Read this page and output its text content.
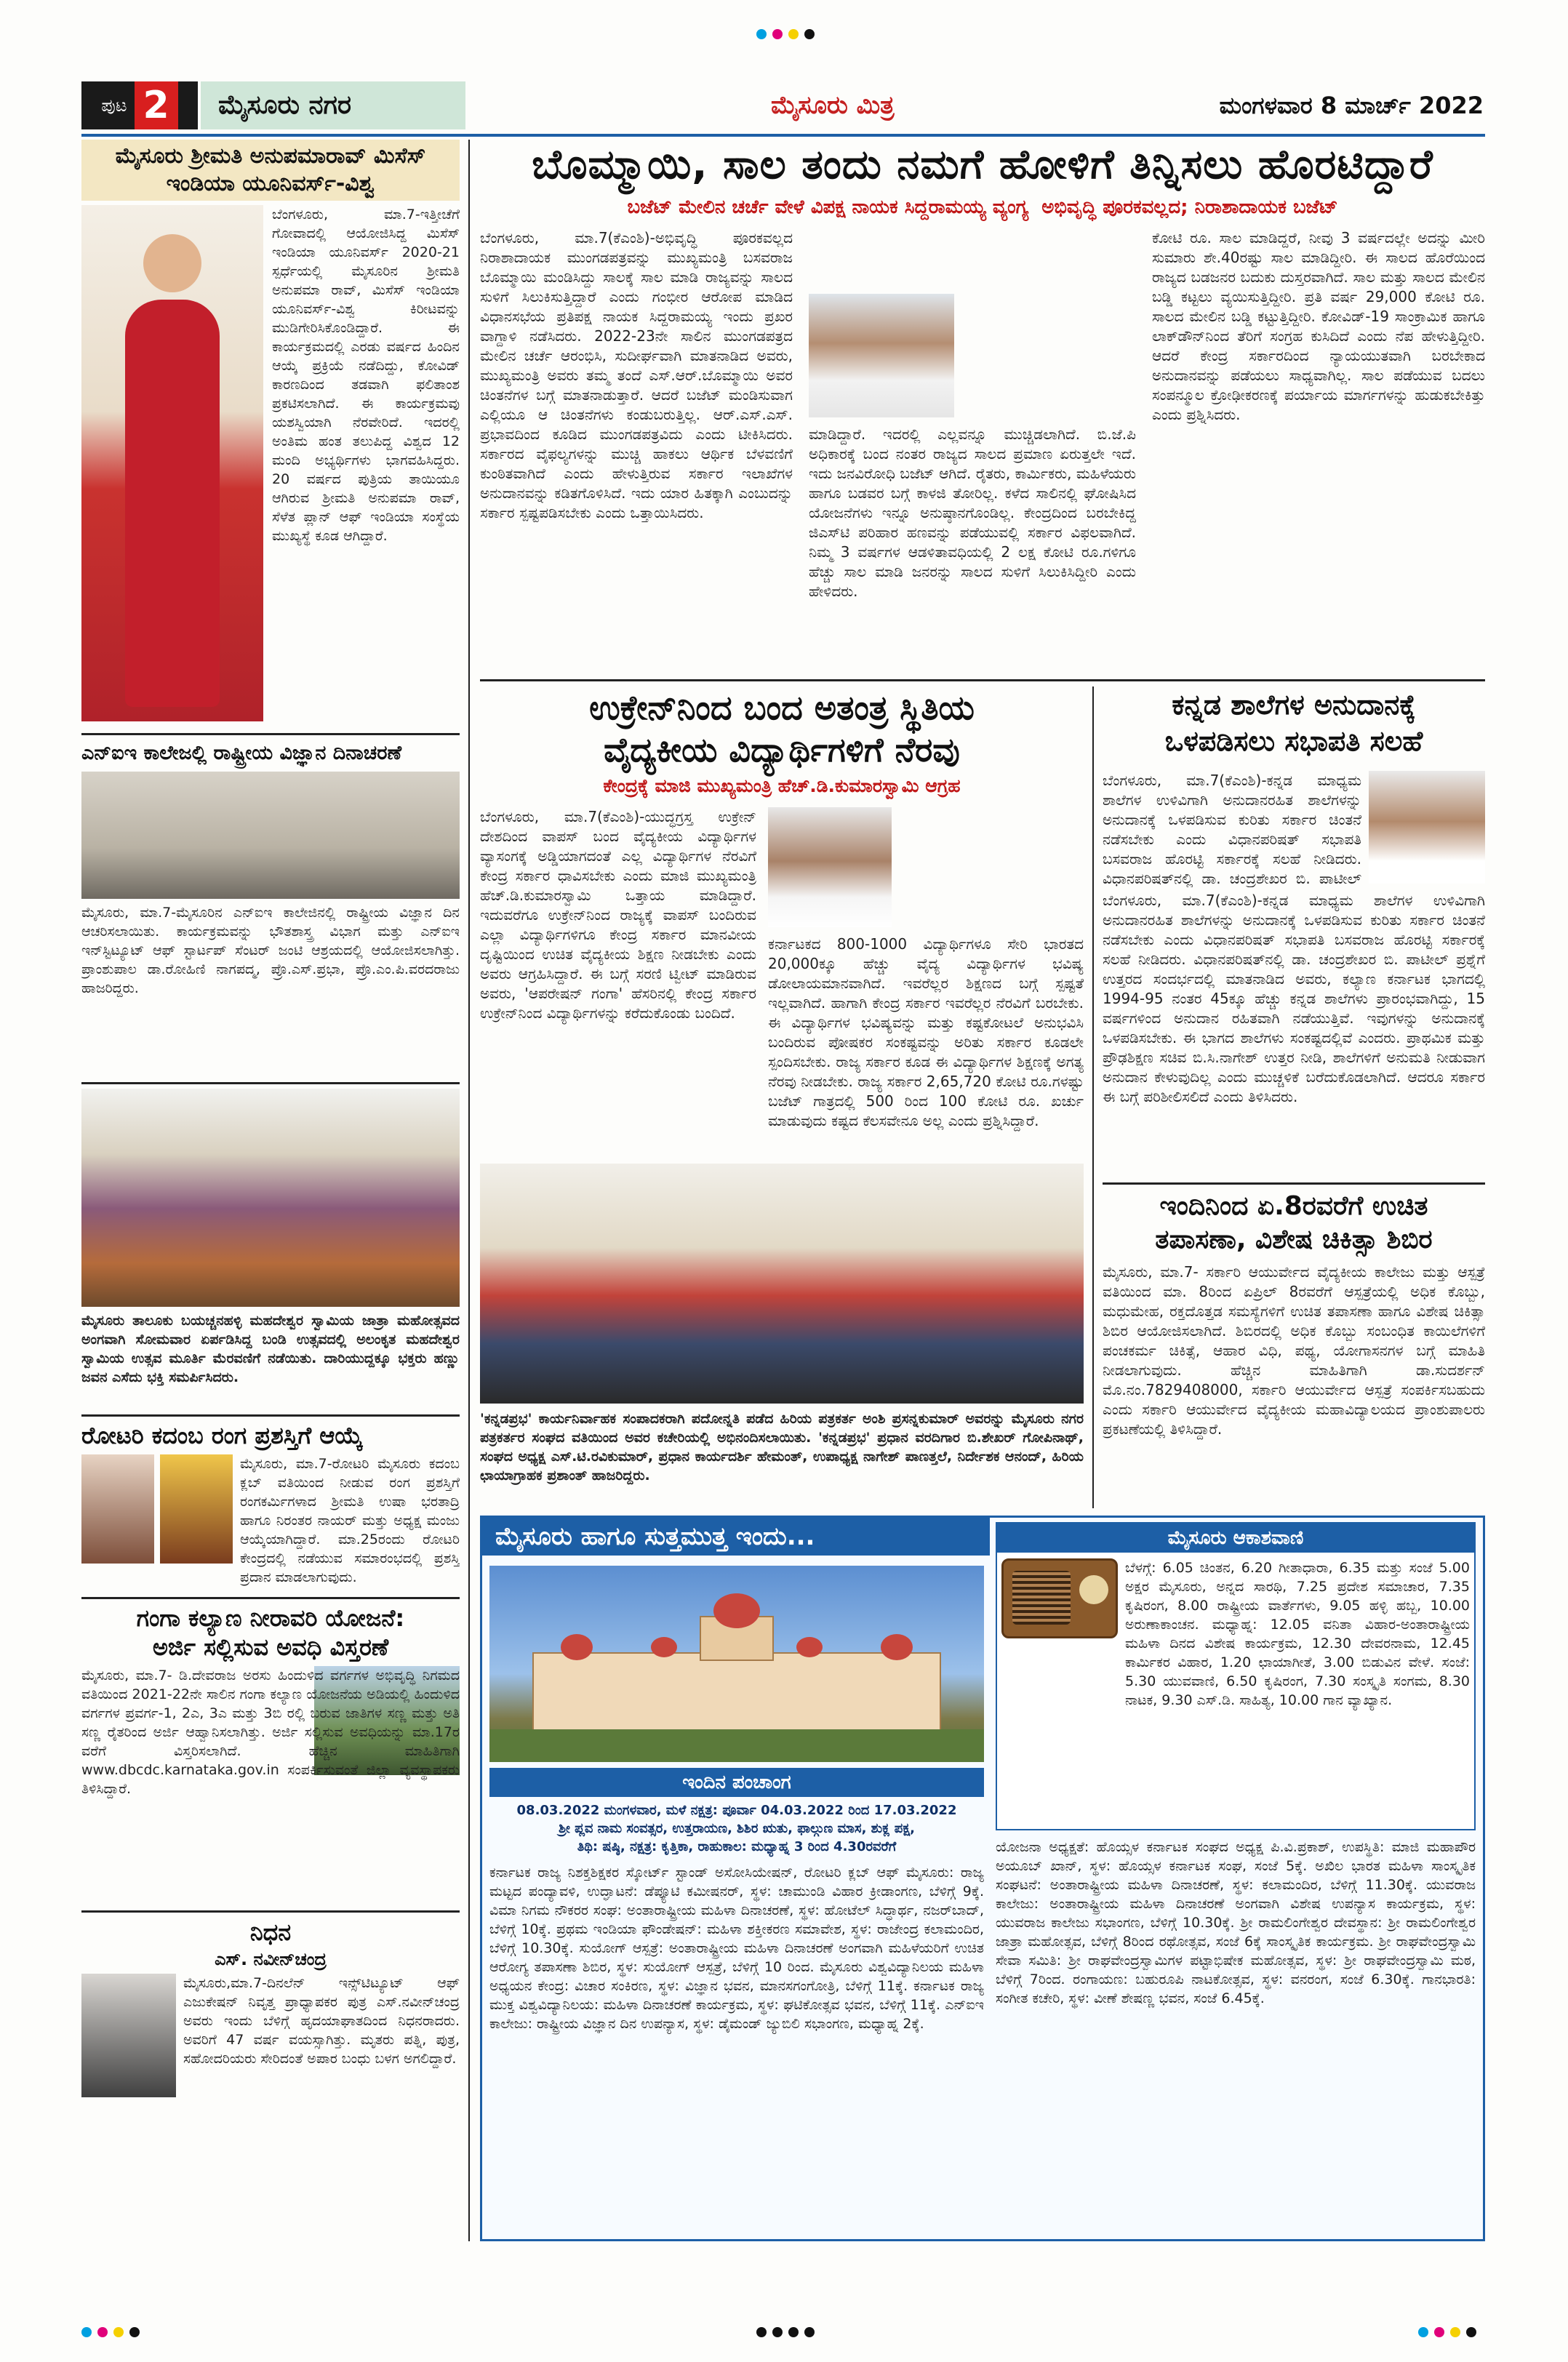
ಪುಟ 2	ಮೈಸೂರು ನಗರ	ಮೈಸೂರು ಮಿತ್ರ	ಮಂಗಳವಾರ 8 ಮಾರ್ಚ್ 2022
ಮೈಸೂರು ಶ್ರೀಮತಿ ಅನುಪಮಾರಾವ್ ಮಿಸೆಸ್ ಇಂಡಿಯಾ ಯೂನಿವರ್ಸ್-ವಿಶ್ವ
ಬೆಂಗಳೂರು, ಮಾ.7-ಇತ್ತೀಚೆಗೆ ಗೋವಾದಲ್ಲಿ ಆಯೋಜಿಸಿದ್ದ ಮಿಸೆಸ್ ಇಂಡಿಯಾ ಯೂನಿವರ್ಸ್ 2020-21 ಸ್ಪರ್ಧೆಯಲ್ಲಿ ಮೈಸೂರಿನ ಶ್ರೀಮತಿ ಅನುಪಮಾ ರಾವ್, ಮಿಸೆಸ್ ಇಂಡಿಯಾ ಯೂನಿವರ್ಸ್-ವಿಶ್ವ ಕಿರೀಟವನ್ನು ಮುಡಿಗೇರಿಸಿಕೊಂಡಿದ್ದಾರೆ. ಈ ಕಾರ್ಯಕ್ರಮದಲ್ಲಿ ಎರಡು ವರ್ಷದ ಹಿಂದಿನ ಆಯ್ಕೆ ಪ್ರಕ್ರಿಯೆ ನಡೆದಿದ್ದು, ಕೋವಿಡ್ ಕಾರಣದಿಂದ ತಡವಾಗಿ ಫಲಿತಾಂಶ ಪ್ರಕಟಿಸಲಾಗಿದೆ. ಈ ಕಾರ್ಯಕ್ರಮವು ಯಶಸ್ವಿಯಾಗಿ ನೆರವೇರಿದೆ. ಇದರಲ್ಲಿ ಅಂತಿಮ ಹಂತ ತಲುಪಿದ್ದ ವಿಶ್ವದ 12 ಮಂದಿ ಅಭ್ಯರ್ಥಿಗಳು ಭಾಗವಹಿಸಿದ್ದರು. 20 ವರ್ಷದ ಪುತ್ರಿಯ ತಾಯಿಯೂ ಆಗಿರುವ ಶ್ರೀಮತಿ ಅನುಪಮಾ ರಾವ್, ಸೆಳೆತ ಪ್ಲಾನ್ ಆಫ್ ಇಂಡಿಯಾ ಸಂಸ್ಥೆಯ ಮುಖ್ಯಸ್ಥೆ ಕೂಡ ಆಗಿದ್ದಾರೆ.
ಎನ್‌ಐಇ ಕಾಲೇಜಲ್ಲಿ ರಾಷ್ಟ್ರೀಯ ವಿಜ್ಞಾನ ದಿನಾಚರಣೆ
ಮೈಸೂರು, ಮಾ.7-ಮೈಸೂರಿನ ಎನ್‌ಐಇ ಕಾಲೇಜಿನಲ್ಲಿ ರಾಷ್ಟ್ರೀಯ ವಿಜ್ಞಾನ ದಿನ ಆಚರಿಸಲಾಯಿತು. ಕಾರ್ಯಕ್ರಮವನ್ನು ಭೌತಶಾಸ್ತ್ರ ವಿಭಾಗ ಮತ್ತು ಎನ್‌ಐಇ ಇನ್‌ಸ್ಟಿಟ್ಯೂಟ್ ಆಫ್ ಸ್ಟಾರ್ಟಪ್ ಸೆಂಟರ್ ಜಂಟಿ ಆಶ್ರಯದಲ್ಲಿ ಆಯೋಜಿಸಲಾಗಿತ್ತು. ಪ್ರಾಂಶುಪಾಲ ಡಾ.ರೋಹಿಣಿ ನಾಗಪದ್ಮ, ಪ್ರೊ.ಎಸ್.ಪ್ರಭಾ, ಪ್ರೊ.ಎಂ.ಪಿ.ವರದರಾಜು ಹಾಜರಿದ್ದರು.
ಮೈಸೂರು ತಾಲೂಕು ಬಯಚ್ಚನಹಳ್ಳಿ ಮಹದೇಶ್ವರ ಸ್ವಾಮಿಯ ಜಾತ್ರಾ ಮಹೋತ್ಸವದ ಅಂಗವಾಗಿ ಸೋಮವಾರ ಏರ್ಪಡಿಸಿದ್ದ ಬಂಡಿ ಉತ್ಸವದಲ್ಲಿ ಅಲಂಕೃತ ಮಹದೇಶ್ವರ ಸ್ವಾಮಿಯ ಉತ್ಸವ ಮೂರ್ತಿ ಮೆರವಣಿಗೆ ನಡೆಯಿತು. ದಾರಿಯುದ್ದಕ್ಕೂ ಭಕ್ತರು ಹಣ್ಣು ಜವನ ಎಸೆದು ಭಕ್ತಿ ಸಮರ್ಪಿಸಿದರು.
ರೋಟರಿ ಕದಂಬ ರಂಗ ಪ್ರಶಸ್ತಿಗೆ ಆಯ್ಕೆ
ಮೈಸೂರು, ಮಾ.7-ರೋಟರಿ ಮೈಸೂರು ಕದಂಬ ಕ್ಲಬ್ ವತಿಯಿಂದ ನೀಡುವ ರಂಗ ಪ್ರಶಸ್ತಿಗೆ ರಂಗಕರ್ಮಿಗಳಾದ ಶ್ರೀಮತಿ ಉಷಾ ಭರತಾದ್ರಿ ಹಾಗೂ ನಿರಂತರ ನಾಯರ್ ಮತ್ತು ಅಧ್ಯಕ್ಷ ಮಂಜು ಆಯ್ಕೆಯಾಗಿದ್ದಾರೆ. ಮಾ.25ರಂದು ರೋಟರಿ ಕೇಂದ್ರದಲ್ಲಿ ನಡೆಯುವ ಸಮಾರಂಭದಲ್ಲಿ ಪ್ರಶಸ್ತಿ ಪ್ರದಾನ ಮಾಡಲಾಗುವುದು.
ಗಂಗಾ ಕಲ್ಯಾಣ ನೀರಾವರಿ ಯೋಜನೆ:
ಅರ್ಜಿ ಸಲ್ಲಿಸುವ ಅವಧಿ ವಿಸ್ತರಣೆ
ಮೈಸೂರು, ಮಾ.7- ಡಿ.ದೇವರಾಜ ಅರಸು ಹಿಂದುಳಿದ ವರ್ಗಗಳ ಅಭಿವೃದ್ಧಿ ನಿಗಮದ ವತಿಯಿಂದ 2021-22ನೇ ಸಾಲಿನ ಗಂಗಾ ಕಲ್ಯಾಣ ಯೋಜನೆಯ ಅಡಿಯಲ್ಲಿ ಹಿಂದುಳಿದ ವರ್ಗಗಳ ಪ್ರವರ್ಗ-1, 2ಎ, 3ಎ ಮತ್ತು 3ಬಿ ರಲ್ಲಿ ಬರುವ ಜಾತಿಗಳ ಸಣ್ಣ ಮತ್ತು ಅತಿ ಸಣ್ಣ ರೈತರಿಂದ ಅರ್ಜಿ ಆಹ್ವಾನಿಸಲಾಗಿತ್ತು. ಅರ್ಜಿ ಸಲ್ಲಿಸುವ ಅವಧಿಯನ್ನು ಮಾ.17ರ ವರೆಗೆ ವಿಸ್ತರಿಸಲಾಗಿದೆ. ಹೆಚ್ಚಿನ ಮಾಹಿತಿಗಾಗಿ www.dbcdc.karnataka.gov.in ಸಂಪರ್ಕಿಸುವಂತೆ ಜಿಲ್ಲಾ ವ್ಯವಸ್ಥಾಪಕರು ತಿಳಿಸಿದ್ದಾರೆ.
ನಿಧನ
ಎಸ್. ನವೀನ್‌ಚಂದ್ರ
ಮೈಸೂರು,ಮಾ.7-ದಿನಲೆನ್ ಇನ್ಸ್‌ಟಿಟ್ಯೂಟ್ ಆಫ್ ಎಜುಕೇಷನ್ ನಿವೃತ್ತ ಪ್ರಾಧ್ಯಾಪಕರ ಪುತ್ರ ಎಸ್.ನವೀನ್‌ಚಂದ್ರ ಅವರು ಇಂದು ಬೆಳಿಗ್ಗೆ ಹೃದಯಾಘಾತದಿಂದ ನಿಧನರಾದರು. ಅವರಿಗೆ 47 ವರ್ಷ ವಯಸ್ಸಾಗಿತ್ತು. ಮೃತರು ಪತ್ನಿ, ಪುತ್ರ, ಸಹೋದರಿಯರು ಸೇರಿದಂತೆ ಅಪಾರ ಬಂಧು ಬಳಗ ಅಗಲಿದ್ದಾರೆ.
ಬೊಮ್ಮಾಯಿ, ಸಾಲ ತಂದು ನಮಗೆ ಹೋಳಿಗೆ ತಿನ್ನಿಸಲು ಹೊರಟಿದ್ದಾರೆ
ಬಜೆಟ್ ಮೇಲಿನ ಚರ್ಚೆ ವೇಳೆ ವಿಪಕ್ಷ ನಾಯಕ ಸಿದ್ದರಾಮಯ್ಯ ವ್ಯಂಗ್ಯ ಅಭಿವೃದ್ಧಿ ಪೂರಕವಲ್ಲದ; ನಿರಾಶಾದಾಯಕ ಬಜೆಟ್
ಬೆಂಗಳೂರು, ಮಾ.7(ಕೆಎಂಶಿ)-ಅಭಿವೃದ್ಧಿ ಪೂರಕವಲ್ಲದ ನಿರಾಶಾದಾಯಕ ಮುಂಗಡಪತ್ರವನ್ನು ಮುಖ್ಯಮಂತ್ರಿ ಬಸವರಾಜ ಬೊಮ್ಮಾಯಿ ಮಂಡಿಸಿದ್ದು ಸಾಲಕ್ಕೆ ಸಾಲ ಮಾಡಿ ರಾಜ್ಯವನ್ನು ಸಾಲದ ಸುಳಿಗೆ ಸಿಲುಕಿಸುತ್ತಿದ್ದಾರೆ ಎಂದು ಗಂಭೀರ ಆರೋಪ ಮಾಡಿದ ವಿಧಾನಸಭೆಯ ಪ್ರತಿಪಕ್ಷ ನಾಯಕ ಸಿದ್ದರಾಮಯ್ಯ ಇಂದು ಪ್ರಖರ ವಾಗ್ದಾಳಿ ನಡೆಸಿದರು. 2022-23ನೇ ಸಾಲಿನ ಮುಂಗಡಪತ್ರದ ಮೇಲಿನ ಚರ್ಚೆ ಆರಂಭಿಸಿ, ಸುದೀರ್ಘವಾಗಿ ಮಾತನಾಡಿದ ಅವರು, ಮುಖ್ಯಮಂತ್ರಿ ಅವರು ತಮ್ಮ ತಂದೆ ಎಸ್.ಆರ್.ಬೊಮ್ಮಾಯಿ ಅವರ ಚಿಂತನೆಗಳ ಬಗ್ಗೆ ಮಾತನಾಡುತ್ತಾರೆ. ಆದರೆ ಬಜೆಟ್ ಮಂಡಿಸುವಾಗ ಎಲ್ಲಿಯೂ ಆ ಚಿಂತನೆಗಳು ಕಂಡುಬರುತ್ತಿಲ್ಲ. ಆರ್.ಎಸ್.ಎಸ್. ಪ್ರಭಾವದಿಂದ ಕೂಡಿದ ಮುಂಗಡಪತ್ರವಿದು ಎಂದು ಟೀಕಿಸಿದರು. ಸರ್ಕಾರದ ವೈಫಲ್ಯಗಳನ್ನು ಮುಚ್ಚಿ ಹಾಕಲು ಆರ್ಥಿಕ ಬೆಳವಣಿಗೆ ಕುಂಠಿತವಾಗಿದೆ ಎಂದು ಹೇಳುತ್ತಿರುವ ಸರ್ಕಾರ ಇಲಾಖೆಗಳ ಅನುದಾನವನ್ನು ಕಡಿತಗೊಳಿಸಿದೆ. ಇದು ಯಾರ ಹಿತಕ್ಕಾಗಿ ಎಂಬುದನ್ನು ಸರ್ಕಾರ ಸ್ಪಷ್ಟಪಡಿಸಬೇಕು ಎಂದು ಒತ್ತಾಯಿಸಿದರು.
ಮಾಡಿದ್ದಾರೆ. ಇದರಲ್ಲಿ ಎಲ್ಲವನ್ನೂ ಮುಚ್ಚಿಡಲಾಗಿದೆ. ಬಿ.ಜೆ.ಪಿ ಅಧಿಕಾರಕ್ಕೆ ಬಂದ ನಂತರ ರಾಜ್ಯದ ಸಾಲದ ಪ್ರಮಾಣ ಏರುತ್ತಲೇ ಇದೆ. ಇದು ಜನವಿರೋಧಿ ಬಜೆಟ್ ಆಗಿದೆ. ರೈತರು, ಕಾರ್ಮಿಕರು, ಮಹಿಳೆಯರು ಹಾಗೂ ಬಡವರ ಬಗ್ಗೆ ಕಾಳಜಿ ತೋರಿಲ್ಲ. ಕಳೆದ ಸಾಲಿನಲ್ಲಿ ಘೋಷಿಸಿದ ಯೋಜನೆಗಳು ಇನ್ನೂ ಅನುಷ್ಠಾನಗೊಂಡಿಲ್ಲ. ಕೇಂದ್ರದಿಂದ ಬರಬೇಕಿದ್ದ ಜಿಎಸ್‌ಟಿ ಪರಿಹಾರ ಹಣವನ್ನು ಪಡೆಯುವಲ್ಲಿ ಸರ್ಕಾರ ವಿಫಲವಾಗಿದೆ. ನಿಮ್ಮ 3 ವರ್ಷಗಳ ಆಡಳಿತಾವಧಿಯಲ್ಲಿ 2 ಲಕ್ಷ ಕೋಟಿ ರೂ.ಗಳಿಗೂ ಹೆಚ್ಚು ಸಾಲ ಮಾಡಿ ಜನರನ್ನು ಸಾಲದ ಸುಳಿಗೆ ಸಿಲುಕಿಸಿದ್ದೀರಿ ಎಂದು ಹೇಳಿದರು.
ಕೋಟಿ ರೂ. ಸಾಲ ಮಾಡಿದ್ದರೆ, ನೀವು 3 ವರ್ಷದಲ್ಲೇ ಅದನ್ನು ಮೀರಿ ಸುಮಾರು ಶೇ.40ರಷ್ಟು ಸಾಲ ಮಾಡಿದ್ದೀರಿ. ಈ ಸಾಲದ ಹೊರೆಯಿಂದ ರಾಜ್ಯದ ಬಡಜನರ ಬದುಕು ದುಸ್ತರವಾಗಿದೆ. ಸಾಲ ಮತ್ತು ಸಾಲದ ಮೇಲಿನ ಬಡ್ಡಿ ಕಟ್ಟಲು ವ್ಯಯಿಸುತ್ತಿದ್ದೀರಿ. ಪ್ರತಿ ವರ್ಷ 29,000 ಕೋಟಿ ರೂ. ಸಾಲದ ಮೇಲಿನ ಬಡ್ಡಿ ಕಟ್ಟುತ್ತಿದ್ದೀರಿ. ಕೋವಿಡ್-19 ಸಾಂಕ್ರಾಮಿಕ ಹಾಗೂ ಲಾಕ್‌ಡೌನ್‌ನಿಂದ ತೆರಿಗೆ ಸಂಗ್ರಹ ಕುಸಿದಿದೆ ಎಂದು ನೆಪ ಹೇಳುತ್ತಿದ್ದೀರಿ. ಆದರೆ ಕೇಂದ್ರ ಸರ್ಕಾರದಿಂದ ನ್ಯಾಯಯುತವಾಗಿ ಬರಬೇಕಾದ ಅನುದಾನವನ್ನು ಪಡೆಯಲು ಸಾಧ್ಯವಾಗಿಲ್ಲ. ಸಾಲ ಪಡೆಯುವ ಬದಲು ಸಂಪನ್ಮೂಲ ಕ್ರೋಢೀಕರಣಕ್ಕೆ ಪರ್ಯಾಯ ಮಾರ್ಗಗಳನ್ನು ಹುಡುಕಬೇಕಿತ್ತು ಎಂದು ಪ್ರಶ್ನಿಸಿದರು.
ಉಕ್ರೇನ್‌ನಿಂದ ಬಂದ ಅತಂತ್ರ ಸ್ಥಿತಿಯ
ವೈದ್ಯಕೀಯ ವಿದ್ಯಾರ್ಥಿಗಳಿಗೆ ನೆರವು
ಕೇಂದ್ರಕ್ಕೆ ಮಾಜಿ ಮುಖ್ಯಮಂತ್ರಿ ಹೆಚ್.ಡಿ.ಕುಮಾರಸ್ವಾಮಿ ಆಗ್ರಹ
ಬೆಂಗಳೂರು, ಮಾ.7(ಕೆಎಂಶಿ)-ಯುದ್ಧಗ್ರಸ್ತ ಉಕ್ರೇನ್ ದೇಶದಿಂದ ವಾಪಸ್ ಬಂದ ವೈದ್ಯಕೀಯ ವಿದ್ಯಾರ್ಥಿಗಳ ವ್ಯಾಸಂಗಕ್ಕೆ ಅಡ್ಡಿಯಾಗದಂತೆ ಎಲ್ಲ ವಿದ್ಯಾರ್ಥಿಗಳ ನೆರವಿಗೆ ಕೇಂದ್ರ ಸರ್ಕಾರ ಧಾವಿಸಬೇಕು ಎಂದು ಮಾಜಿ ಮುಖ್ಯಮಂತ್ರಿ ಹೆಚ್.ಡಿ.ಕುಮಾರಸ್ವಾಮಿ ಒತ್ತಾಯ ಮಾಡಿದ್ದಾರೆ. ಇದುವರೆಗೂ ಉಕ್ರೇನ್‌ನಿಂದ ರಾಜ್ಯಕ್ಕೆ ವಾಪಸ್ ಬಂದಿರುವ ಎಲ್ಲಾ ವಿದ್ಯಾರ್ಥಿಗಳಿಗೂ ಕೇಂದ್ರ ಸರ್ಕಾರ ಮಾನವೀಯ ದೃಷ್ಟಿಯಿಂದ ಉಚಿತ ವೈದ್ಯಕೀಯ ಶಿಕ್ಷಣ ನೀಡಬೇಕು ಎಂದು ಅವರು ಆಗ್ರಹಿಸಿದ್ದಾರೆ. ಈ ಬಗ್ಗೆ ಸರಣಿ ಟ್ವೀಟ್ ಮಾಡಿರುವ ಅವರು, 'ಆಪರೇಷನ್ ಗಂಗಾ' ಹೆಸರಿನಲ್ಲಿ ಕೇಂದ್ರ ಸರ್ಕಾರ ಉಕ್ರೇನ್‌ನಿಂದ ವಿದ್ಯಾರ್ಥಿಗಳನ್ನು ಕರೆದುಕೊಂಡು ಬಂದಿದೆ.
ಕರ್ನಾಟಕದ 800-1000 ವಿದ್ಯಾರ್ಥಿಗಳೂ ಸೇರಿ ಭಾರತದ 20,000ಕ್ಕೂ ಹೆಚ್ಚು ವೈದ್ಯ ವಿದ್ಯಾರ್ಥಿಗಳ ಭವಿಷ್ಯ ಡೋಲಾಯಮಾನವಾಗಿದೆ. ಇವರೆಲ್ಲರ ಶಿಕ್ಷಣದ ಬಗ್ಗೆ ಸ್ಪಷ್ಟತೆ ಇಲ್ಲವಾಗಿದೆ. ಹಾಗಾಗಿ ಕೇಂದ್ರ ಸರ್ಕಾರ ಇವರೆಲ್ಲರ ನೆರವಿಗೆ ಬರಬೇಕು. ಈ ವಿದ್ಯಾರ್ಥಿಗಳ ಭವಿಷ್ಯವನ್ನು ಮತ್ತು ಕಷ್ಟಕೋಟಲೆ ಅನುಭವಿಸಿ ಬಂದಿರುವ ಪೋಷಕರ ಸಂಕಷ್ಟವನ್ನು ಅರಿತು ಸರ್ಕಾರ ಕೂಡಲೇ ಸ್ಪಂದಿಸಬೇಕು. ರಾಜ್ಯ ಸರ್ಕಾರ ಕೂಡ ಈ ವಿದ್ಯಾರ್ಥಿಗಳ ಶಿಕ್ಷಣಕ್ಕೆ ಅಗತ್ಯ ನೆರವು ನೀಡಬೇಕು. ರಾಜ್ಯ ಸರ್ಕಾರ 2,65,720 ಕೋಟಿ ರೂ.ಗಳಷ್ಟು ಬಜೆಟ್ ಗಾತ್ರದಲ್ಲಿ 500 ರಿಂದ 100 ಕೋಟಿ ರೂ. ಖರ್ಚು ಮಾಡುವುದು ಕಷ್ಟದ ಕೆಲಸವೇನೂ ಅಲ್ಲ ಎಂದು ಪ್ರಶ್ನಿಸಿದ್ದಾರೆ.
'ಕನ್ನಡಪ್ರಭ' ಕಾರ್ಯನಿರ್ವಾಹಕ ಸಂಪಾದಕರಾಗಿ ಪದೋನ್ನತಿ ಪಡೆದ ಹಿರಿಯ ಪತ್ರಕರ್ತ ಅಂಶಿ ಪ್ರಸನ್ನಕುಮಾರ್ ಅವರನ್ನು ಮೈಸೂರು ನಗರ ಪತ್ರಕರ್ತರ ಸಂಘದ ವತಿಯಿಂದ ಅವರ ಕಚೇರಿಯಲ್ಲಿ ಅಭಿನಂದಿಸಲಾಯಿತು. 'ಕನ್ನಡಪ್ರಭ' ಪ್ರಧಾನ ವರದಿಗಾರ ಬಿ.ಶೇಖರ್ ಗೋಪಿನಾಥ್, ಸಂಘದ ಅಧ್ಯಕ್ಷ ಎಸ್.ಟಿ.ರವಿಕುಮಾರ್, ಪ್ರಧಾನ ಕಾರ್ಯದರ್ಶಿ ಹೇಮಂತ್, ಉಪಾಧ್ಯಕ್ಷ ನಾಗೇಶ್ ಪಾಣತ್ತಲೆ, ನಿರ್ದೇಶಕ ಆನಂದ್, ಹಿರಿಯ ಛಾಯಾಗ್ರಾಹಕ ಪ್ರಶಾಂತ್ ಹಾಜರಿದ್ದರು.
ಕನ್ನಡ ಶಾಲೆಗಳ ಅನುದಾನಕ್ಕೆ
ಒಳಪಡಿಸಲು ಸಭಾಪತಿ ಸಲಹೆ
ಬೆಂಗಳೂರು, ಮಾ.7(ಕೆಎಂಶಿ)-ಕನ್ನಡ ಮಾಧ್ಯಮ ಶಾಲೆಗಳ ಉಳಿವಿಗಾಗಿ ಅನುದಾನರಹಿತ ಶಾಲೆಗಳನ್ನು ಅನುದಾನಕ್ಕೆ ಒಳಪಡಿಸುವ ಕುರಿತು ಸರ್ಕಾರ ಚಿಂತನೆ ನಡೆಸಬೇಕು ಎಂದು ವಿಧಾನಪರಿಷತ್ ಸಭಾಪತಿ ಬಸವರಾಜ ಹೊರಟ್ಟಿ ಸರ್ಕಾರಕ್ಕೆ ಸಲಹೆ ನೀಡಿದರು. ವಿಧಾನಪರಿಷತ್‌ನಲ್ಲಿ ಡಾ. ಚಂದ್ರಶೇಖರ ಬಿ. ಪಾಟೀಲ್
ಬೆಂಗಳೂರು, ಮಾ.7(ಕೆಎಂಶಿ)-ಕನ್ನಡ ಮಾಧ್ಯಮ ಶಾಲೆಗಳ ಉಳಿವಿಗಾಗಿ ಅನುದಾನರಹಿತ ಶಾಲೆಗಳನ್ನು ಅನುದಾನಕ್ಕೆ ಒಳಪಡಿಸುವ ಕುರಿತು ಸರ್ಕಾರ ಚಿಂತನೆ ನಡೆಸಬೇಕು ಎಂದು ವಿಧಾನಪರಿಷತ್ ಸಭಾಪತಿ ಬಸವರಾಜ ಹೊರಟ್ಟಿ ಸರ್ಕಾರಕ್ಕೆ ಸಲಹೆ ನೀಡಿದರು. ವಿಧಾನಪರಿಷತ್‌ನಲ್ಲಿ ಡಾ. ಚಂದ್ರಶೇಖರ ಬಿ. ಪಾಟೀಲ್ ಪ್ರಶ್ನೆಗೆ ಉತ್ತರದ ಸಂದರ್ಭದಲ್ಲಿ ಮಾತನಾಡಿದ ಅವರು, ಕಲ್ಯಾಣ ಕರ್ನಾಟಕ ಭಾಗದಲ್ಲಿ 1994-95 ನಂತರ 45ಕ್ಕೂ ಹೆಚ್ಚು ಕನ್ನಡ ಶಾಲೆಗಳು ಪ್ರಾರಂಭವಾಗಿದ್ದು, 15 ವರ್ಷಗಳಿಂದ ಅನುದಾನ ರಹಿತವಾಗಿ ನಡೆಯುತ್ತಿವೆ. ಇವುಗಳನ್ನು ಅನುದಾನಕ್ಕೆ ಒಳಪಡಿಸಬೇಕು. ಈ ಭಾಗದ ಶಾಲೆಗಳು ಸಂಕಷ್ಟದಲ್ಲಿವೆ ಎಂದರು. ಪ್ರಾಥಮಿಕ ಮತ್ತು ಪ್ರೌಢಶಿಕ್ಷಣ ಸಚಿವ ಬಿ.ಸಿ.ನಾಗೇಶ್ ಉತ್ತರ ನೀಡಿ, ಶಾಲೆಗಳಿಗೆ ಅನುಮತಿ ನೀಡುವಾಗ ಅನುದಾನ ಕೇಳುವುದಿಲ್ಲ ಎಂದು ಮುಚ್ಚಳಿಕೆ ಬರೆದುಕೊಡಲಾಗಿದೆ. ಆದರೂ ಸರ್ಕಾರ ಈ ಬಗ್ಗೆ ಪರಿಶೀಲಿಸಲಿದೆ ಎಂದು ತಿಳಿಸಿದರು.
ಇಂದಿನಿಂದ ಏ.8ರವರೆಗೆ ಉಚಿತ
ತಪಾಸಣಾ, ವಿಶೇಷ ಚಿಕಿತ್ಸಾ ಶಿಬಿರ
ಮೈಸೂರು, ಮಾ.7- ಸರ್ಕಾರಿ ಆಯುರ್ವೇದ ವೈದ್ಯಕೀಯ ಕಾಲೇಜು ಮತ್ತು ಆಸ್ಪತ್ರೆ ವತಿಯಿಂದ ಮಾ. 8ರಿಂದ ಏಪ್ರಿಲ್ 8ರವರೆಗೆ ಆಸ್ಪತ್ರೆಯಲ್ಲಿ ಅಧಿಕ ಕೊಬ್ಬು, ಮಧುಮೇಹ, ರಕ್ತದೊತ್ತಡ ಸಮಸ್ಯೆಗಳಿಗೆ ಉಚಿತ ತಪಾಸಣಾ ಹಾಗೂ ವಿಶೇಷ ಚಿಕಿತ್ಸಾ ಶಿಬಿರ ಆಯೋಜಿಸಲಾಗಿದೆ. ಶಿಬಿರದಲ್ಲಿ ಅಧಿಕ ಕೊಬ್ಬು ಸಂಬಂಧಿತ ಕಾಯಿಲೆಗಳಿಗೆ ಪಂಚಕರ್ಮ ಚಿಕಿತ್ಸೆ, ಆಹಾರ ವಿಧಿ, ಪಥ್ಯ, ಯೋಗಾಸನಗಳ ಬಗ್ಗೆ ಮಾಹಿತಿ ನೀಡಲಾಗುವುದು. ಹೆಚ್ಚಿನ ಮಾಹಿತಿಗಾಗಿ ಡಾ.ಸುದರ್ಶನ್ ಮೊ.ನಂ.7829408000, ಸರ್ಕಾರಿ ಆಯುರ್ವೇದ ಆಸ್ಪತ್ರೆ ಸಂಪರ್ಕಿಸಬಹುದು ಎಂದು ಸರ್ಕಾರಿ ಆಯುರ್ವೇದ ವೈದ್ಯಕೀಯ ಮಹಾವಿದ್ಯಾಲಯದ ಪ್ರಾಂಶುಪಾಲರು ಪ್ರಕಟಣೆಯಲ್ಲಿ ತಿಳಿಸಿದ್ದಾರೆ.
ಮೈಸೂರು ಹಾಗೂ ಸುತ್ತಮುತ್ತ ಇಂದು...
ಇಂದಿನ ಪಂಚಾಂಗ
08.03.2022 ಮಂಗಳವಾರ, ಮಳೆ ನಕ್ಷತ್ರ: ಪೂರ್ವಾ 04.03.2022 ರಿಂದ 17.03.2022
ಶ್ರೀ ಪ್ಲವ ನಾಮ ಸಂವತ್ಸರ, ಉತ್ತರಾಯಣ, ಶಿಶಿರ ಋತು, ಫಾಲ್ಗುಣ ಮಾಸ, ಶುಕ್ಲ ಪಕ್ಷ,
ತಿಥಿ: ಷಷ್ಠಿ, ನಕ್ಷತ್ರ: ಕೃತ್ತಿಕಾ, ರಾಹುಕಾಲ: ಮಧ್ಯಾಹ್ನ 3 ರಿಂದ 4.30ರವರೆಗೆ
ಕರ್ನಾಟಕ ರಾಜ್ಯ ನಿಶಕ್ತಶಿಕ್ಷಕರ ಸ್ಕೋರ್ಟ್ ಸ್ಟಾಂಡ್ ಅಸೋಸಿಯೇಷನ್, ರೋಟರಿ ಕ್ಲಬ್ ಆಫ್ ಮೈಸೂರು: ರಾಜ್ಯ ಮಟ್ಟದ ಪಂದ್ಯಾವಳಿ, ಉದ್ಘಾಟನೆ: ಡೆಪ್ಯೂಟಿ ಕಮೀಷನರ್, ಸ್ಥಳ: ಚಾಮುಂಡಿ ವಿಹಾರ ಕ್ರೀಡಾಂಗಣ, ಬೆಳಿಗ್ಗೆ 9ಕ್ಕೆ. ವಿಮಾ ನಿಗಮ ನೌಕರರ ಸಂಘ: ಅಂತಾರಾಷ್ಟ್ರೀಯ ಮಹಿಳಾ ದಿನಾಚರಣೆ, ಸ್ಥಳ: ಹೋಟೆಲ್ ಸಿದ್ಧಾರ್ಥ, ನಜರ್‌ಬಾದ್, ಬೆಳಿಗ್ಗೆ 10ಕ್ಕೆ. ಪ್ರಥಮ ಇಂಡಿಯಾ ಫೌಂಡೇಷನ್: ಮಹಿಳಾ ಶಕ್ತೀಕರಣ ಸಮಾವೇಶ, ಸ್ಥಳ: ರಾಜೇಂದ್ರ ಕಲಾಮಂದಿರ, ಬೆಳಿಗ್ಗೆ 10.30ಕ್ಕೆ. ಸುಯೋಗ್ ಆಸ್ಪತ್ರೆ: ಅಂತಾರಾಷ್ಟ್ರೀಯ ಮಹಿಳಾ ದಿನಾಚರಣೆ ಅಂಗವಾಗಿ ಮಹಿಳೆಯರಿಗೆ ಉಚಿತ ಆರೋಗ್ಯ ತಪಾಸಣಾ ಶಿಬಿರ, ಸ್ಥಳ: ಸುಯೋಗ್ ಆಸ್ಪತ್ರೆ, ಬೆಳಿಗ್ಗೆ 10 ರಿಂದ. ಮೈಸೂರು ವಿಶ್ವವಿದ್ಯಾನಿಲಯ ಮಹಿಳಾ ಅಧ್ಯಯನ ಕೇಂದ್ರ: ವಿಚಾರ ಸಂಕಿರಣ, ಸ್ಥಳ: ವಿಜ್ಞಾನ ಭವನ, ಮಾನಸಗಂಗೋತ್ರಿ, ಬೆಳಿಗ್ಗೆ 11ಕ್ಕೆ. ಕರ್ನಾಟಕ ರಾಜ್ಯ ಮುಕ್ತ ವಿಶ್ವವಿದ್ಯಾನಿಲಯ: ಮಹಿಳಾ ದಿನಾಚರಣೆ ಕಾರ್ಯಕ್ರಮ, ಸ್ಥಳ: ಘಟಿಕೋತ್ಸವ ಭವನ, ಬೆಳಿಗ್ಗೆ 11ಕ್ಕೆ. ಎನ್‌ಐಇ ಕಾಲೇಜು: ರಾಷ್ಟ್ರೀಯ ವಿಜ್ಞಾನ ದಿನ ಉಪನ್ಯಾಸ, ಸ್ಥಳ: ಡೈಮಂಡ್ ಜ್ಯುಬಿಲಿ ಸಭಾಂಗಣ, ಮಧ್ಯಾಹ್ನ 2ಕ್ಕೆ.
ಮೈಸೂರು ಆಕಾಶವಾಣಿ
ಬೆಳಗ್ಗೆ: 6.05 ಚಿಂತನ, 6.20 ಗೀತಾಧಾರಾ, 6.35 ಮತ್ತು ಸಂಜೆ 5.00 ಅಕ್ಷರ ಮೈಸೂರು, ಅನ್ನದ ಸಾರಥಿ, 7.25 ಪ್ರದೇಶ ಸಮಾಚಾರ, 7.35 ಕೃಷಿರಂಗ, 8.00 ರಾಷ್ಟ್ರೀಯ ವಾರ್ತೆಗಳು, 9.05 ಹಳ್ಳಿ ಹಬ್ಬ, 10.00 ಅರುಣಾಕಾಂಚನ. ಮಧ್ಯಾಹ್ನ: 12.05 ವನಿತಾ ವಿಹಾರ-ಅಂತಾರಾಷ್ಟ್ರೀಯ ಮಹಿಳಾ ದಿನದ ವಿಶೇಷ ಕಾರ್ಯಕ್ರಮ, 12.30 ದೇವರನಾಮ, 12.45 ಕಾರ್ಮಿಕರ ವಿಹಾರ, 1.20 ಛಾಯಾಗೀತೆ, 3.00 ಬಿಡುವಿನ ವೇಳೆ. ಸಂಜೆ: 5.30 ಯುವವಾಣಿ, 6.50 ಕೃಷಿರಂಗ, 7.30 ಸಂಸ್ಕೃತಿ ಸಂಗಮ, 8.30 ನಾಟಕ, 9.30 ಎಸ್.ಡಿ. ಸಾಹಿತ್ಯ, 10.00 ಗಾನ ವ್ಯಾಖ್ಯಾನ.
ಯೋಜನಾ ಅಧ್ಯಕ್ಷತೆ: ಹೊಯ್ಸಳ ಕರ್ನಾಟಕ ಸಂಘದ ಅಧ್ಯಕ್ಷ ಪಿ.ವಿ.ಪ್ರಕಾಶ್, ಉಪಸ್ಥಿತಿ: ಮಾಜಿ ಮಹಾಪೌರ ಅಯೂಬ್ ಖಾನ್, ಸ್ಥಳ: ಹೊಯ್ಸಳ ಕರ್ನಾಟಕ ಸಂಘ, ಸಂಜೆ 5ಕ್ಕೆ. ಅಖಿಲ ಭಾರತ ಮಹಿಳಾ ಸಾಂಸ್ಕೃತಿಕ ಸಂಘಟನೆ: ಅಂತಾರಾಷ್ಟ್ರೀಯ ಮಹಿಳಾ ದಿನಾಚರಣೆ, ಸ್ಥಳ: ಕಲಾಮಂದಿರ, ಬೆಳಿಗ್ಗೆ 11.30ಕ್ಕೆ. ಯುವರಾಜ ಕಾಲೇಜು: ಅಂತಾರಾಷ್ಟ್ರೀಯ ಮಹಿಳಾ ದಿನಾಚರಣೆ ಅಂಗವಾಗಿ ವಿಶೇಷ ಉಪನ್ಯಾಸ ಕಾರ್ಯಕ್ರಮ, ಸ್ಥಳ: ಯುವರಾಜ ಕಾಲೇಜು ಸಭಾಂಗಣ, ಬೆಳಿಗ್ಗೆ 10.30ಕ್ಕೆ. ಶ್ರೀ ರಾಮಲಿಂಗೇಶ್ವರ ದೇವಸ್ಥಾನ: ಶ್ರೀ ರಾಮಲಿಂಗೇಶ್ವರ ಜಾತ್ರಾ ಮಹೋತ್ಸವ, ಬೆಳಿಗ್ಗೆ 8ರಿಂದ ರಥೋತ್ಸವ, ಸಂಜೆ 6ಕ್ಕೆ ಸಾಂಸ್ಕೃತಿಕ ಕಾರ್ಯಕ್ರಮ. ಶ್ರೀ ರಾಘವೇಂದ್ರಸ್ವಾಮಿ ಸೇವಾ ಸಮಿತಿ: ಶ್ರೀ ರಾಘವೇಂದ್ರಸ್ವಾಮಿಗಳ ಪಟ್ಟಾಭಿಷೇಕ ಮಹೋತ್ಸವ, ಸ್ಥಳ: ಶ್ರೀ ರಾಘವೇಂದ್ರಸ್ವಾಮಿ ಮಠ, ಬೆಳಿಗ್ಗೆ 7ರಿಂದ. ರಂಗಾಯಣ: ಬಹುರೂಪಿ ನಾಟಕೋತ್ಸವ, ಸ್ಥಳ: ವನರಂಗ, ಸಂಜೆ 6.30ಕ್ಕೆ. ಗಾನಭಾರತಿ: ಸಂಗೀತ ಕಚೇರಿ, ಸ್ಥಳ: ವೀಣೆ ಶೇಷಣ್ಣ ಭವನ, ಸಂಜೆ 6.45ಕ್ಕೆ.
